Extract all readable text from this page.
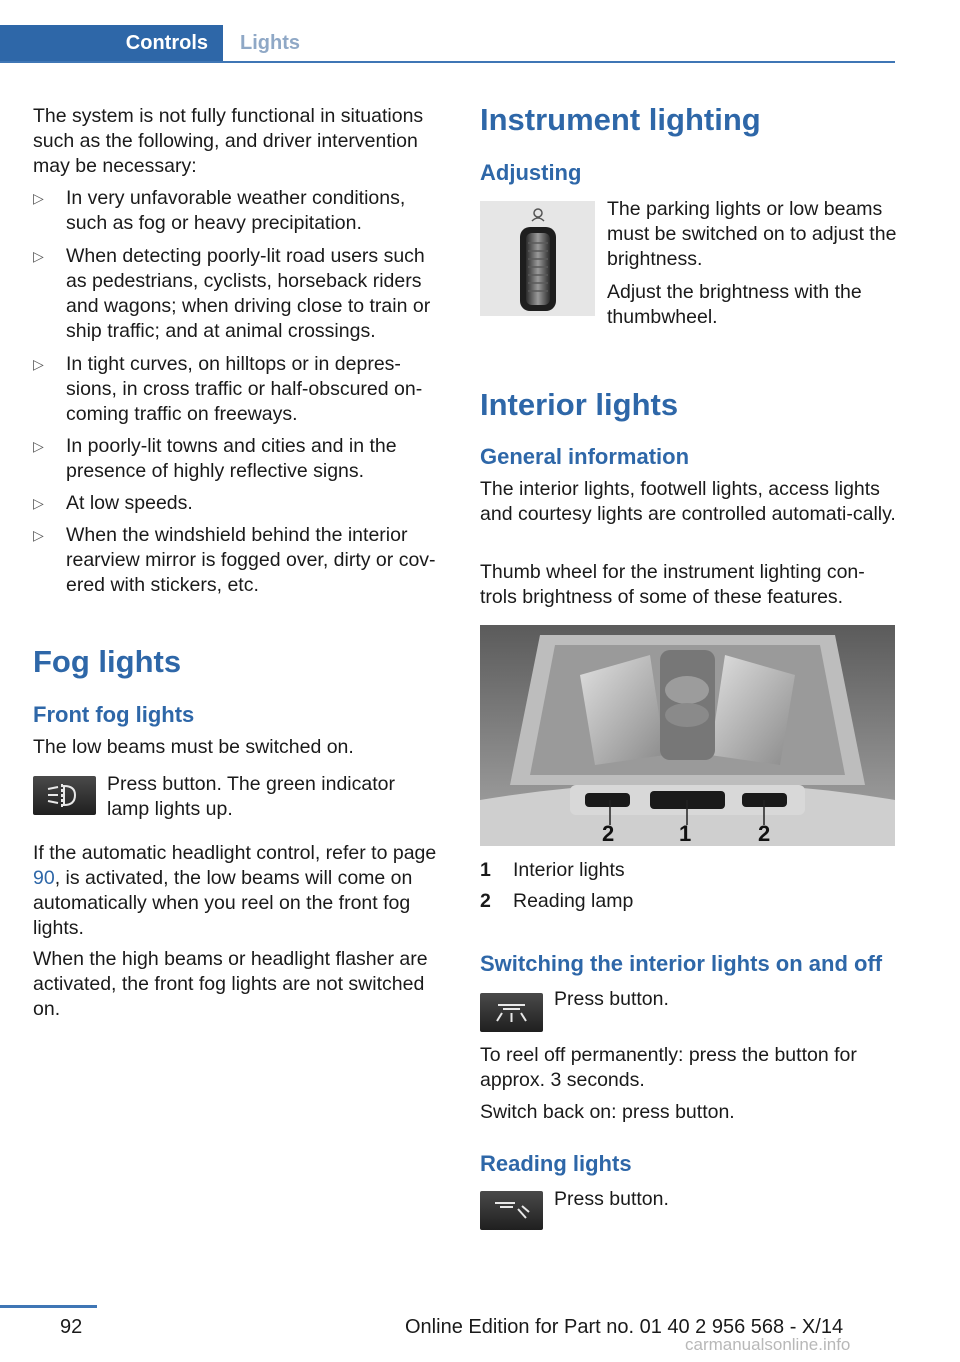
Controls	Lights

The system is not fully functional in situations such as the following, and driver intervention may be necessary:

▷ In very unfavorable weather conditions, such as fog or heavy precipitation.
▷ When detecting poorly-lit road users such as pedestrians, cyclists, horseback riders and wagons; when driving close to train or ship traffic; and at animal crossings.
▷ In tight curves, on hilltops or in depres-sions, in cross traffic or half-obscured on-coming traffic on freeways.
▷ In poorly-lit towns and cities and in the presence of highly reflective signs.
▷ At low speeds.
▷ When the windshield behind the interior rearview mirror is fogged over, dirty or cov-ered with stickers, etc.
Fog lights
Front fog lights

The low beams must be switched on.

Press button. The green indicator lamp lights up.

If the automatic headlight control, refer to page 90, is activated, the low beams will come on automatically when you reel on the front fog lights.

When the high beams or headlight flasher are activated, the front fog lights are not switched on.

Instrument lighting
Adjusting

The parking lights or low beams must be switched on to adjust the brightness.

Adjust the brightness with the thumbwheel.

Interior lights
General information

The interior lights, footwell lights, access lights and courtesy lights are controlled automati-cally.

Thumb wheel for the instrument lighting con-trols brightness of some of these features.

2	1	2
1 Interior lights
2 Reading lamp
Switching the interior lights on and off

Press button.

To reel off permanently: press the button for approx. 3 seconds.

Switch back on: press button.

Reading lights

Press button.

92	Online Edition for Part no. 01 40 2 956 568 - X/14
carmanualsonline.info
